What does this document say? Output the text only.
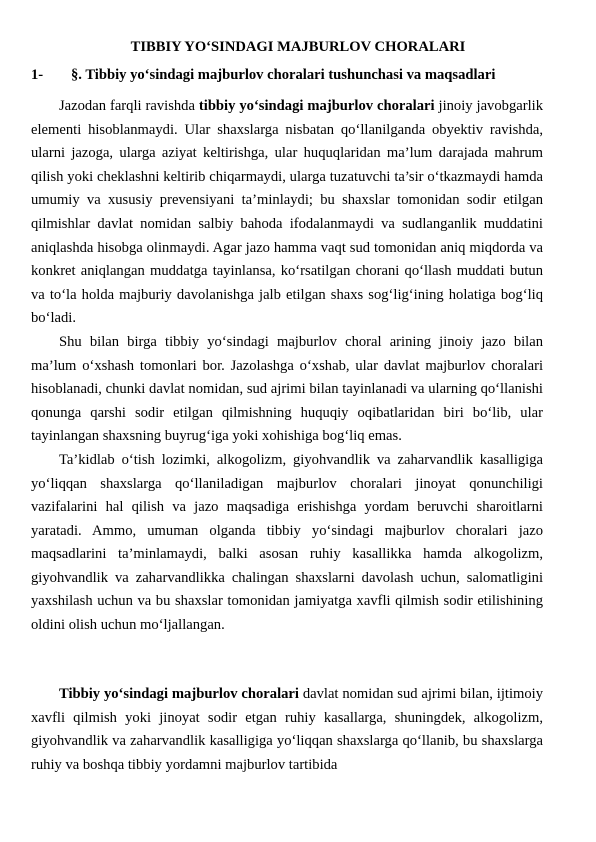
TIBBIY YO‘SINDAGI MAJBURLOV CHORALARI
1- §. Tibbiy yo‘sindagi majburlov choralari tushunchasi va maqsadlari

Jazodan farqli ravishda tibbiy yo‘sindagi majburlov choralari jinoiy javobgarlik elementi hisoblanmaydi. Ular shaxslarga nisbatan qo‘llanilganda obyektiv ravishda, ularni jazoga, ularga aziyat keltirishga, ular huquqlaridan ma’lum darajada mahrum qilish yoki cheklashni keltirib chiqarmaydi, ularga tuzatuvchi ta’sir o‘tkazmaydi hamda umumiy va xususiy prevensiyani ta’minlaydi; bu shaxslar tomonidan sodir etilgan qilmishlar davlat nomidan salbiy bahoda ifodalanmaydi va sudlanganlik muddatini aniqlashda hisobga olinmaydi. Agar jazo hamma vaqt sud tomonidan aniq miqdorda va konkret aniqlangan muddatga tayinlansa, ko‘rsatilgan chorani qo‘llash muddati butun va to‘la holda majburiy davolanishga jalb etilgan shaxs sog‘lig‘ining holatiga bog‘liq bo‘ladi.

Shu bilan birga tibbiy yo‘sindagi majburlov choral arining jinoiy jazo bilan ma’lum o‘xshash tomonlari bor. Jazolashga o‘xshab, ular davlat majburlov choralari hisoblanadi, chunki davlat nomidan, sud ajrimi bilan tayinlanadi va ularning qo‘llanishi qonunga qarshi sodir etilgan qilmishning huquqiy oqibatlaridan biri bo‘lib, ular tayinlangan shaxsning buyrug‘iga yoki xohishiga bog‘liq emas.

Ta’kidlab o‘tish lozimki, alkogolizm, giyohvandlik va zaharvandlik kasalligiga yo‘liqqan shaxslarga qo‘llaniladigan majburlov choralari jinoyat qonunchiligi vazifalarini hal qilish va jazo maqsadiga erishishga yordam beruvchi sharoitlarni yaratadi. Ammo, umuman olganda tibbiy yo‘sindagi majburlov choralari jazo maqsadlarini ta’minlamaydi, balki asosan ruhiy kasallikka hamda alkogolizm, giyohvandlik va zaharvandlikka chalingan shaxslarni davolash uchun, salomatligini yaxshilash uchun va bu shaxslar tomonidan jamiyatga xavfli qilmish sodir etilishining oldini olish uchun mo‘ljallangan.

Tibbiy yo‘sindagi majburlov choralari davlat nomidan sud ajrimi bilan, ijtimoiy xavfli qilmish yoki jinoyat sodir etgan ruhiy kasallarga, shuningdek, alkogolizm, giyohvandlik va zaharvandlik kasalligiga yo‘liqqan shaxslarga qo‘llanib, bu shaxslarga ruhiy va boshqa tibbiy yordamni majburlov tartibida
